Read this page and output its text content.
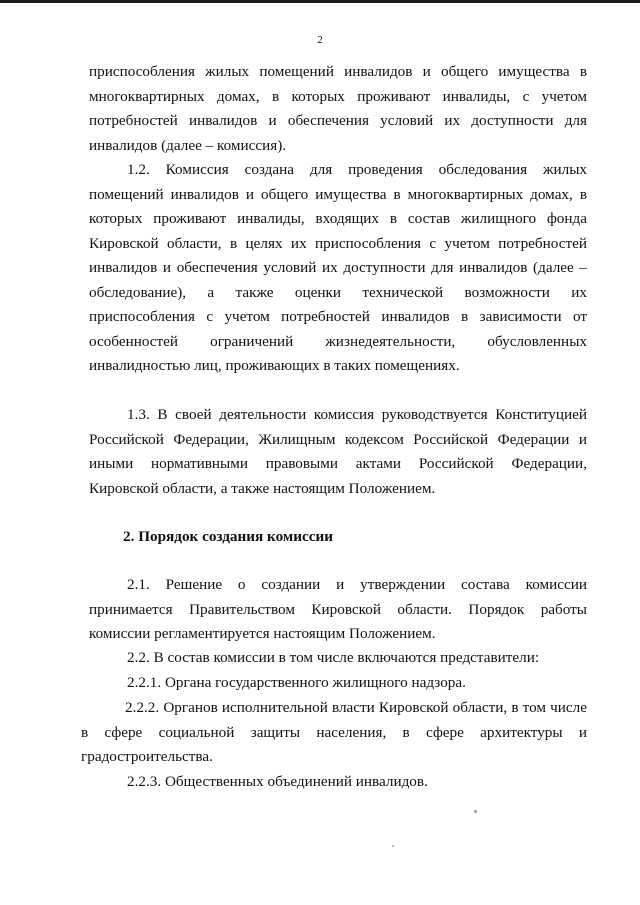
2

приспособления жилых помещений инвалидов и общего имущества в многоквартирных домах, в которых проживают инвалиды, с учетом потребностей инвалидов и обеспечения условий их доступности для инвалидов (далее – комиссия).

1.2. Комиссия создана для проведения обследования жилых помещений инвалидов и общего имущества в многоквартирных домах, в которых проживают инвалиды, входящих в состав жилищного фонда Кировской области, в целях их приспособления с учетом потребностей инвалидов и обеспечения условий их доступности для инвалидов (далее – обследование), а также оценки технической возможности их приспособления с учетом потребностей инвалидов в зависимости от особенностей ограничений жизнедеятельности, обусловленных инвалидностью лиц, проживающих в таких помещениях.

1.3. В своей деятельности комиссия руководствуется Конституцией Российской Федерации, Жилищным кодексом Российской Федерации и иными нормативными правовыми актами Российской Федерации, Кировской области, а также настоящим Положением.

2. Порядок создания комиссии

2.1. Решение о создании и утверждении состава комиссии принимается Правительством Кировской области. Порядок работы комиссии регламентируется настоящим Положением.

2.2. В состав комиссии в том числе включаются представители:

2.2.1. Органа государственного жилищного надзора.

2.2.2. Органов исполнительной власти Кировской области, в том числе в сфере социальной защиты населения, в сфере архитектуры и градостроительства.

2.2.3. Общественных объединений инвалидов.
